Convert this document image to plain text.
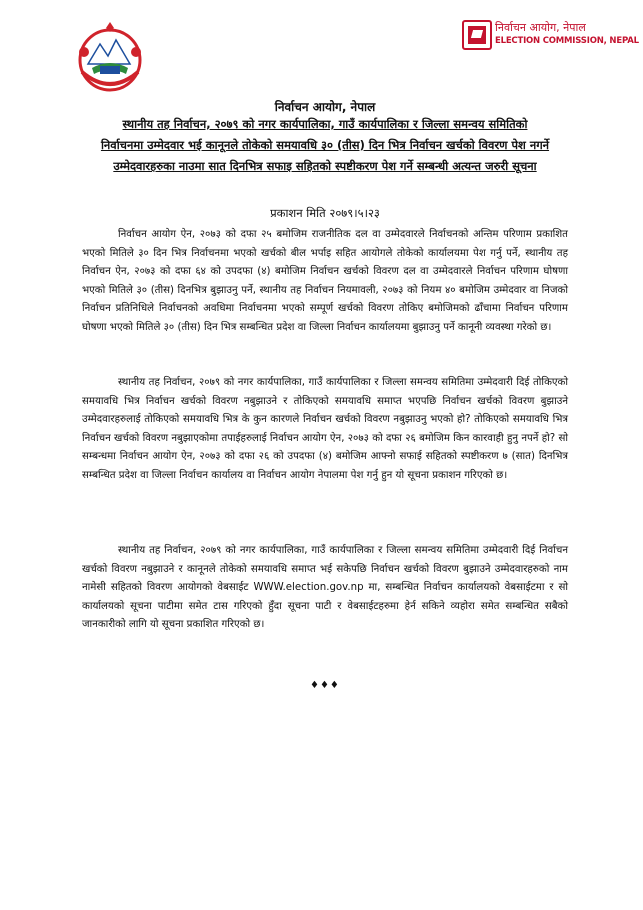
निर्वाचन आयोग, नेपाल
ELECTION COMMISSION, NEPAL
निर्वाचन आयोग, नेपाल
स्थानीय तह निर्वाचन, २०७९ को नगर कार्यपालिका, गाउँ कार्यपालिका र जिल्ला समन्वय समितिको निर्वाचनमा उम्मेदवार भई कानूनले तोकेको समयावधि ३० (तीस) दिन भित्र निर्वाचन खर्चको विवरण पेश नगर्ने उम्मेदवारहरुका नाउमा सात दिनभित्र सफाइ सहितको स्पष्टीकरण पेश गर्ने सम्बन्धी अत्यन्त जरुरी सूचना
प्रकाशन मिति २०७९।५।२३

निर्वाचन आयोग ऐन, २०७३ को दफा २५ बमोजिम राजनीतिक दल वा उम्मेदवारले निर्वाचनको अन्तिम परिणाम प्रकाशित भएको मितिले ३० दिन भित्र निर्वाचनमा भएको खर्चको बील भर्पाइ सहित आयोगले तोकेको कार्यालयमा पेश गर्नु पर्ने, स्थानीय तह निर्वाचन ऐन, २०७३ को दफा ६४ को उपदफा (४) बमोजिम निर्वाचन खर्चको विवरण दल वा उम्मेदवारले निर्वाचन परिणाम घोषणा भएको मितिले ३० (तीस) दिनभित्र बुझाउनु पर्ने, स्थानीय तह निर्वाचन नियमावली, २०७३ को नियम ४० बमोजिम उम्मेदवार वा निजको निर्वाचन प्रतिनिधिले निर्वाचनको अवधिमा निर्वाचनमा भएको सम्पूर्ण खर्चको विवरण तोकिए बमोजिमको ढाँचामा निर्वाचन परिणाम घोषणा भएको मितिले ३० (तीस) दिन भित्र सम्बन्धित प्रदेश वा जिल्ला निर्वाचन कार्यालयमा बुझाउनु पर्ने कानूनी व्यवस्था गरेको छ।

स्थानीय तह निर्वाचन, २०७९ को नगर कार्यपालिका, गाउँ कार्यपालिका र जिल्ला समन्वय समितिमा उम्मेदवारी दिई तोकिएको समयावधि भित्र निर्वाचन खर्चको विवरण नबुझाउने र तोकिएको समयावधि समाप्त भएपछि निर्वाचन खर्चको विवरण बुझाउने उम्मेदवारहरुलाई तोकिएको समयावधि भित्र के कुन कारणले निर्वाचन खर्चको विवरण नबुझाउनु भएको हो? तोकिएको समयावधि भित्र निर्वाचन खर्चको विवरण नबुझाएकोमा तपाईहरुलाई निर्वाचन आयोग ऐन, २०७३ को दफा २६ बमोजिम किन कारवाही हुनु नपर्ने हो? सो सम्बन्धमा निर्वाचन आयोग ऐन, २०७३ को दफा २६ को उपदफा (४) बमोजिम आफ्नो सफाई सहितको स्पष्टीकरण ७ (सात) दिनभित्र सम्बन्धित प्रदेश वा जिल्ला निर्वाचन कार्यालय वा निर्वाचन आयोग नेपालमा पेश गर्नु हुन यो सूचना प्रकाशन गरिएको छ।

स्थानीय तह निर्वाचन, २०७९ को नगर कार्यपालिका, गाउँ कार्यपालिका र जिल्ला समन्वय समितिमा उम्मेदवारी दिई निर्वाचन खर्चको विवरण नबुझाउने र कानूनले तोकेको समयावधि समाप्त भई सकेपछि निर्वाचन खर्चको विवरण बुझाउने उम्मेदवारहरुको नाम नामेसी सहितको विवरण आयोगको वेबसाईट WWW.election.gov.np मा, सम्बन्धित निर्वाचन कार्यालयको वेबसाईटमा र सो कार्यालयको सूचना पाटीमा समेत टास गरिएको हुँदा सूचना पाटी र वेबसाईटहरुमा हेर्न सकिने व्यहोरा समेत सम्बन्धित सबैको जानकारीको लागि यो सूचना प्रकाशित गरिएको छ।

♦♦♦
